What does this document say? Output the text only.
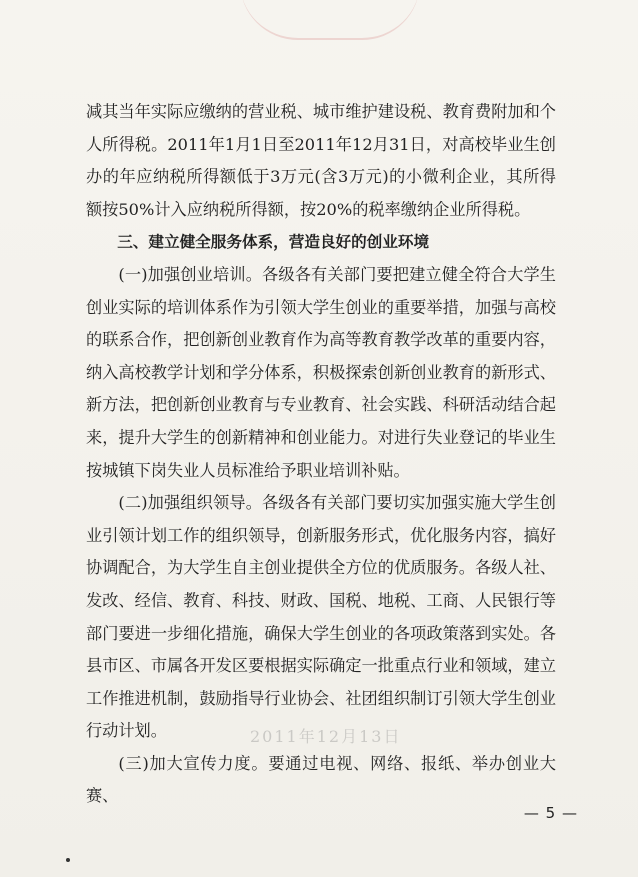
减其当年实际应缴纳的营业税、城市维护建设税、教育费附加和个人所得税。2011年1月1日至2011年12月31日，对高校毕业生创办的年应纳税所得额低于3万元(含3万元)的小微利企业，其所得额按50%计入应纳税所得额，按20%的税率缴纳企业所得税。

三、建立健全服务体系，营造良好的创业环境

(一)加强创业培训。各级各有关部门要把建立健全符合大学生创业实际的培训体系作为引领大学生创业的重要举措，加强与高校的联系合作，把创新创业教育作为高等教育教学改革的重要内容，纳入高校教学计划和学分体系，积极探索创新创业教育的新形式、新方法，把创新创业教育与专业教育、社会实践、科研活动结合起来，提升大学生的创新精神和创业能力。对进行失业登记的毕业生按城镇下岗失业人员标准给予职业培训补贴。

(二)加强组织领导。各级各有关部门要切实加强实施大学生创业引领计划工作的组织领导，创新服务形式，优化服务内容，搞好协调配合，为大学生自主创业提供全方位的优质服务。各级人社、发改、经信、教育、科技、财政、国税、地税、工商、人民银行等部门要进一步细化措施，确保大学生创业的各项政策落到实处。各县市区、市属各开发区要根据实际确定一批重点行业和领域，建立工作推进机制，鼓励指导行业协会、社团组织制订引领大学生创业行动计划。

(三)加大宣传力度。要通过电视、网络、报纸、举办创业大赛、

2011年12月13日
— 5 —
